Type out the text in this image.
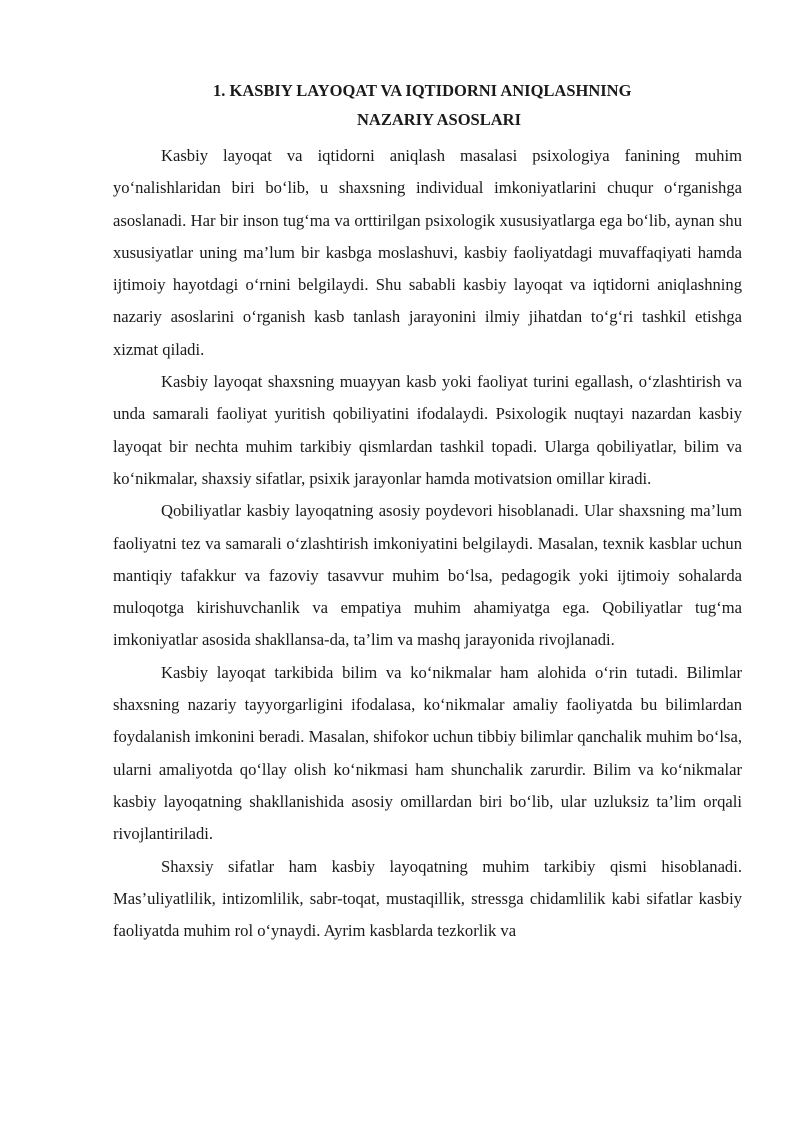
1. KASBIY LAYOQAT VA IQTIDORNI ANIQLASHNING
NAZARIY ASOSLARI

Kasbiy layoqat va iqtidorni aniqlash masalasi psixologiya fanining muhim yo‘nalishlaridan biri bo‘lib, u shaxsning individual imkoniyatlarini chuqur o‘rganishga asoslanadi. Har bir inson tug‘ma va orttirilgan psixologik xususiyatlarga ega bo‘lib, aynan shu xususiyatlar uning ma’lum bir kasbga moslashuvi, kasbiy faoliyatdagi muvaffaqiyati hamda ijtimoiy hayotdagi o‘rnini belgilaydi. Shu sababli kasbiy layoqat va iqtidorni aniqlashning nazariy asoslarini o‘rganish kasb tanlash jarayonini ilmiy jihatdan to‘g‘ri tashkil etishga xizmat qiladi.

Kasbiy layoqat shaxsning muayyan kasb yoki faoliyat turini egallash, o‘zlashtirish va unda samarali faoliyat yuritish qobiliyatini ifodalaydi. Psixologik nuqtayi nazardan kasbiy layoqat bir nechta muhim tarkibiy qismlardan tashkil topadi. Ularga qobiliyatlar, bilim va ko‘nikmalar, shaxsiy sifatlar, psixik jarayonlar hamda motivatsion omillar kiradi.

Qobiliyatlar kasbiy layoqatning asosiy poydevori hisoblanadi. Ular shaxsning ma’lum faoliyatni tez va samarali o‘zlashtirish imkoniyatini belgilaydi. Masalan, texnik kasblar uchun mantiqiy tafakkur va fazoviy tasavvur muhim bo‘lsa, pedagogik yoki ijtimoiy sohalarda muloqotga kirishuvchanlik va empatiya muhim ahamiyatga ega. Qobiliyatlar tug‘ma imkoniyatlar asosida shakllansa-da, ta’lim va mashq jarayonida rivojlanadi.

Kasbiy layoqat tarkibida bilim va ko‘nikmalar ham alohida o‘rin tutadi. Bilimlar shaxsning nazariy tayyorgarligini ifodalasa, ko‘nikmalar amaliy faoliyatda bu bilimlardan foydalanish imkonini beradi. Masalan, shifokor uchun tibbiy bilimlar qanchalik muhim bo‘lsa, ularni amaliyotda qo‘llay olish ko‘nikmasi ham shunchalik zarurdir. Bilim va ko‘nikmalar kasbiy layoqatning shakllanishida asosiy omillardan biri bo‘lib, ular uzluksiz ta’lim orqali rivojlantiriladi.

Shaxsiy sifatlar ham kasbiy layoqatning muhim tarkibiy qismi hisoblanadi. Mas’uliyatlilik, intizomlilik, sabr-toqat, mustaqillik, stressga chidamlilik kabi sifatlar kasbiy faoliyatda muhim rol o‘ynaydi. Ayrim kasblarda tezkorlik va
